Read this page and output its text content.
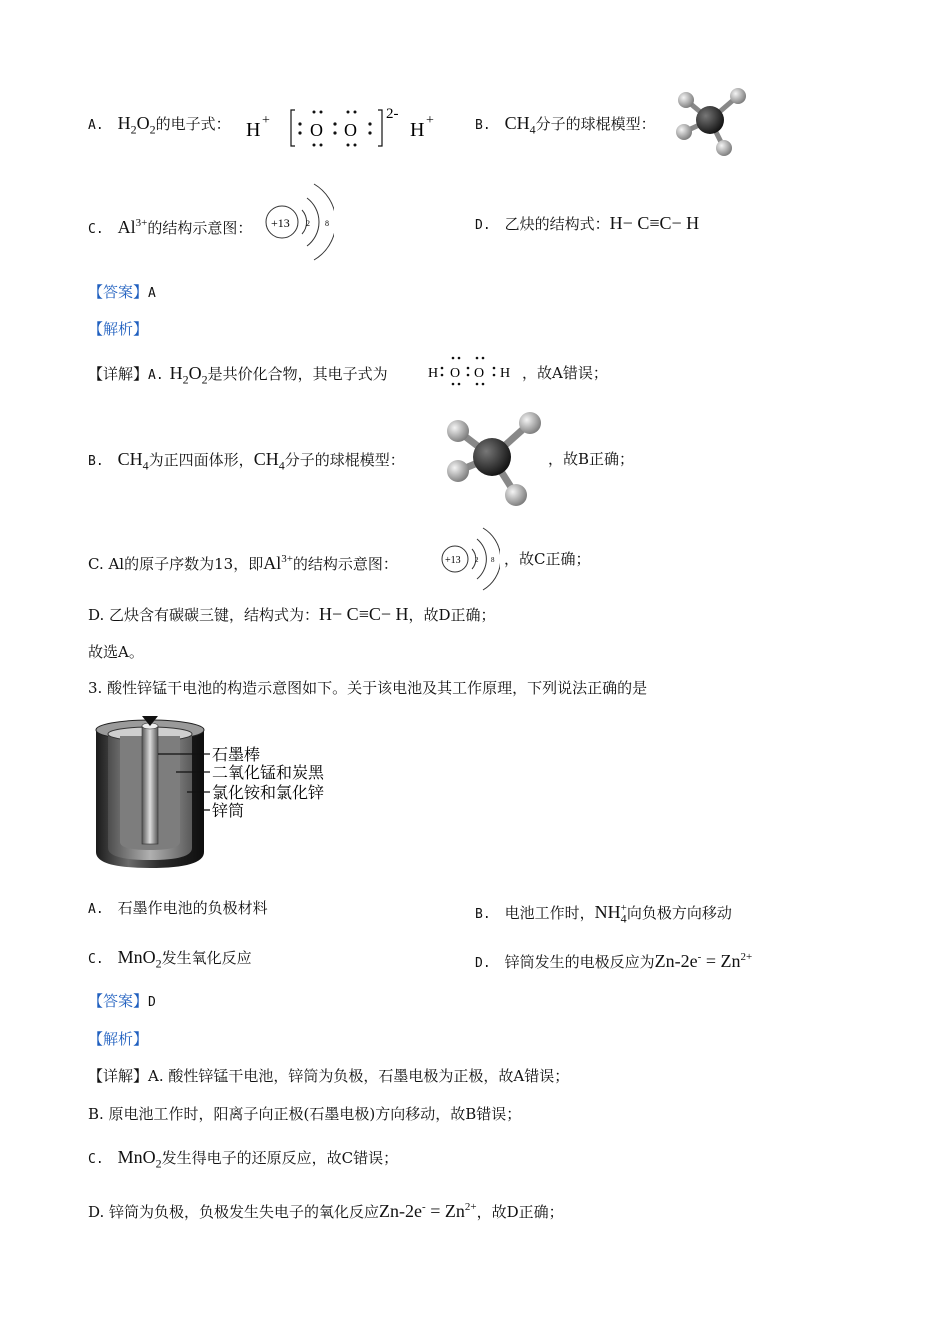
A. $H_2O_2$的电子式： H + O O
2-
H +	B. $CH_4$分子的球棍模型：
C. $Al^{3+}$的结构示意图： +13 2 8	D. 乙炔的结构式：H− C≡C− H
【答案】A
【解析】
【详解】A. $H_2O_2$是共价化合物，其电子式为	H O O H ，故A错误；
B. $CH_4$为正四面体形，$CH_4$分子的球棍模型：	，故B正确；
C. Al的原子序数为13，即$Al^{3+}$的结构示意图：	+13 2 8 ，故C正确；
D. 乙炔含有碳碳三键，结构式为：H− C≡C− H，故D正确；
故选A。
3. 酸性锌锰干电池的构造示意图如下。关于该电池及其工作原理，下列说法正确的是
石墨棒
二氧化锰和炭黑
氯化铵和氯化锌
锌筒
A. 石墨作电池的负极材料	B. 电池工作时，$NH_4^+$向负极方向移动
C. MnO$_2$发生氧化反应	D. 锌筒发生的电极反应为$Zn-2e^- = Zn^{2+}$
【答案】D
【解析】
【详解】A. 酸性锌锰干电池，锌筒为负极，石墨电极为正极，故A错误；
B. 原电池工作时，阳离子向正极(石墨电极)方向移动，故B错误；
C. MnO$_2$发生得电子的还原反应，故C错误；
D. 锌筒为负极，负极发生失电子的氧化反应$Zn-2e^- = Zn^{2+}$，故D正确；
